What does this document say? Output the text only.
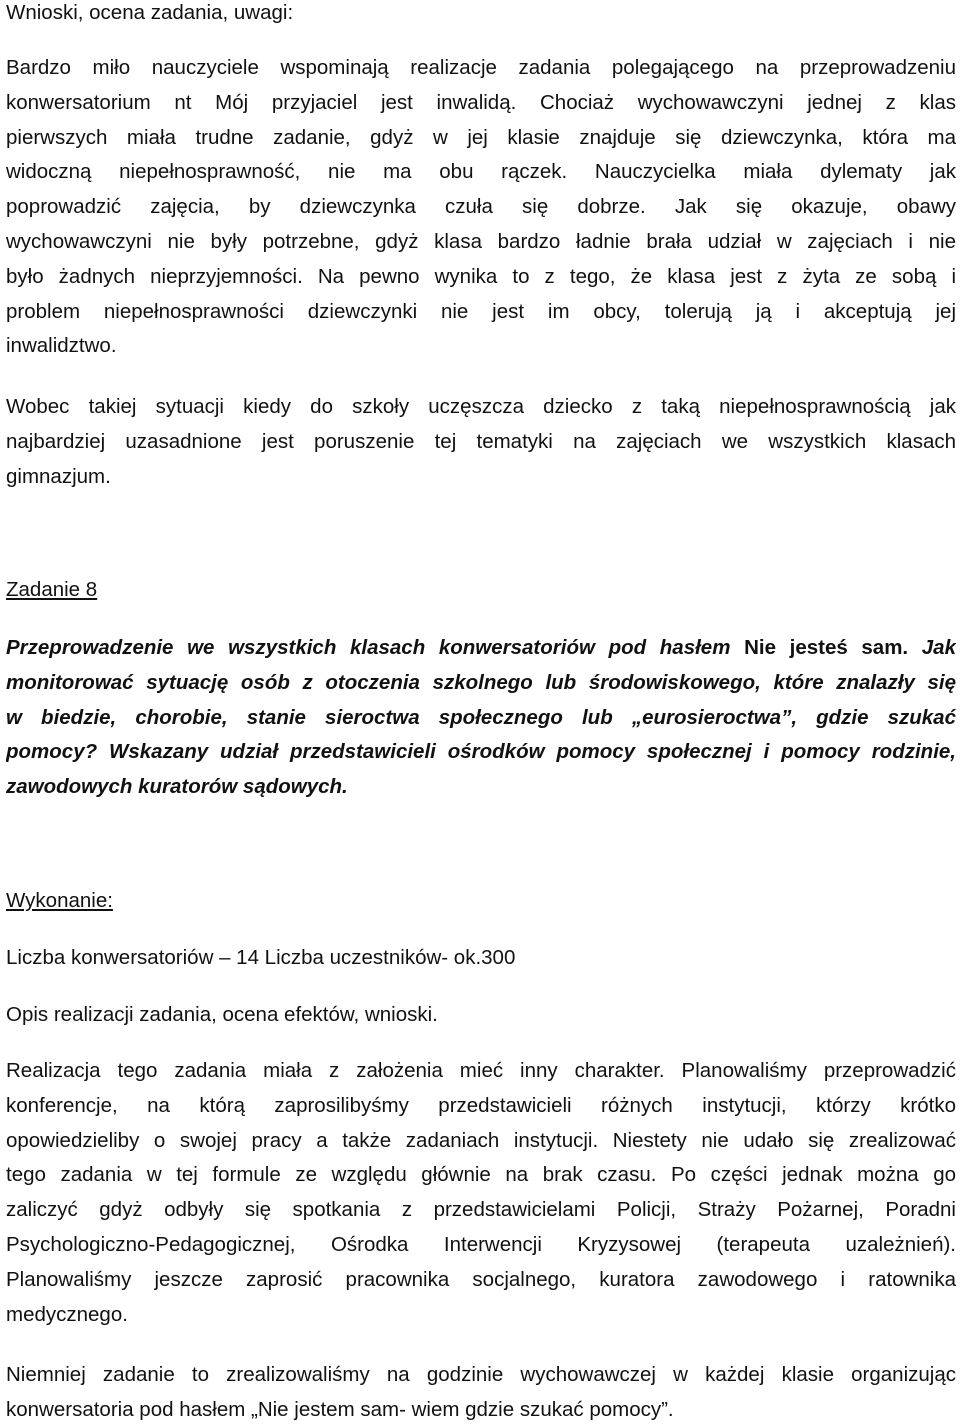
Wnioski, ocena zadania, uwagi:
Bardzo miło nauczyciele wspominają realizacje zadania polegającego na przeprowadzeniu
konwersatorium nt Mój przyjaciel jest inwalidą. Chociaż wychowawczyni jednej z klas
pierwszych miała trudne zadanie, gdyż w jej klasie znajduje się dziewczynka, która ma
widoczną niepełnosprawność, nie ma obu rączek. Nauczycielka miała dylematy jak
poprowadzić zajęcia, by dziewczynka czuła się dobrze. Jak się okazuje, obawy
wychowawczyni nie były potrzebne, gdyż klasa bardzo ładnie brała udział w zajęciach i nie
było żadnych nieprzyjemności. Na pewno wynika to z tego, że klasa jest z żyta ze sobą i
problem niepełnosprawności dziewczynki nie jest im obcy, tolerują ją i akceptują jej
inwalidztwo.
Wobec takiej sytuacji kiedy do szkoły uczęszcza dziecko z taką niepełnosprawnością jak
najbardziej uzasadnione jest poruszenie tej tematyki na zajęciach we wszystkich klasach
gimnazjum.
Zadanie 8
Przeprowadzenie we wszystkich klasach konwersatoriów pod hasłem Nie jesteś sam. Jak
monitorować sytuację osób z otoczenia szkolnego lub środowiskowego, które znalazły się
w biedzie, chorobie, stanie sieroctwa społecznego lub „eurosieroctwa”, gdzie szukać
pomocy? Wskazany udział przedstawicieli ośrodków pomocy społecznej i pomocy rodzinie,
zawodowych kuratorów sądowych.
Wykonanie:
Liczba konwersatoriów – 14 Liczba uczestników- ok.300
Opis realizacji zadania, ocena efektów, wnioski.
Realizacja tego zadania miała z założenia mieć inny charakter. Planowaliśmy przeprowadzić
konferencje, na którą zaprosilibyśmy przedstawicieli różnych instytucji, którzy krótko
opowiedzieliby o swojej pracy a także zadaniach instytucji. Niestety nie udało się zrealizować
tego zadania w tej formule ze względu głównie na brak czasu. Po części jednak można go
zaliczyć gdyż odbyły się spotkania z przedstawicielami Policji, Straży Pożarnej, Poradni
Psychologiczno-Pedagogicznej, Ośrodka Interwencji Kryzysowej (terapeuta uzależnień).
Planowaliśmy jeszcze zaprosić pracownika socjalnego, kuratora zawodowego i ratownika
medycznego.
Niemniej zadanie to zrealizowaliśmy na godzinie wychowawczej w każdej klasie organizując
konwersatoria pod hasłem „Nie jestem sam- wiem gdzie szukać pomocy”.
